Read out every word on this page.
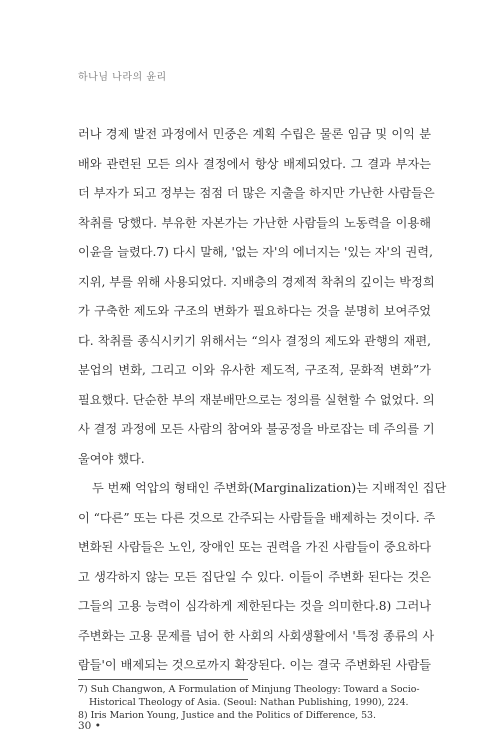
하나님 나라의 윤리
러나 경제 발전 과정에서 민중은 계획 수립은 물론 임금 및 이익 분
배와 관련된 모든 의사 결정에서 항상 배제되었다. 그 결과 부자는
더 부자가 되고 정부는 점점 더 많은 지출을 하지만 가난한 사람들은
착취를 당했다. 부유한 자본가는 가난한 사람들의 노동력을 이용해
이윤을 늘렸다.7) 다시 말해, '없는 자'의 에너지는 '있는 자'의 권력,
지위, 부를 위해 사용되었다. 지배층의 경제적 착취의 깊이는 박정희
가 구축한 제도와 구조의 변화가 필요하다는 것을 분명히 보여주었
다. 착취를 종식시키기 위해서는 “의사 결정의 제도와 관행의 재편,
분업의 변화, 그리고 이와 유사한 제도적, 구조적, 문화적 변화”가
필요했다. 단순한 부의 재분배만으로는 정의를 실현할 수 없었다. 의
사 결정 과정에 모든 사람의 참여와 불공정을 바로잡는 데 주의를 기
울여야 했다.
두 번째 억압의 형태인 주변화(Marginalization)는 지배적인 집단
이 “다른” 또는 다른 것으로 간주되는 사람들을 배제하는 것이다. 주
변화된 사람들은 노인, 장애인 또는 권력을 가진 사람들이 중요하다
고 생각하지 않는 모든 집단일 수 있다. 이들이 주변화 된다는 것은
그들의 고용 능력이 심각하게 제한된다는 것을 의미한다.8) 그러나
주변화는 고용 문제를 넘어 한 사회의 사회생활에서 '특정 종류의 사
람들'이 배제되는 것으로까지 확장된다. 이는 결국 주변화된 사람들
7) Suh Changwon, A Formulation of Minjung Theology: Toward a Socio-
Historical Theology of Asia. (Seoul: Nathan Publishing, 1990), 224.
8) Iris Marion Young, Justice and the Politics of Difference, 53.
30 •
